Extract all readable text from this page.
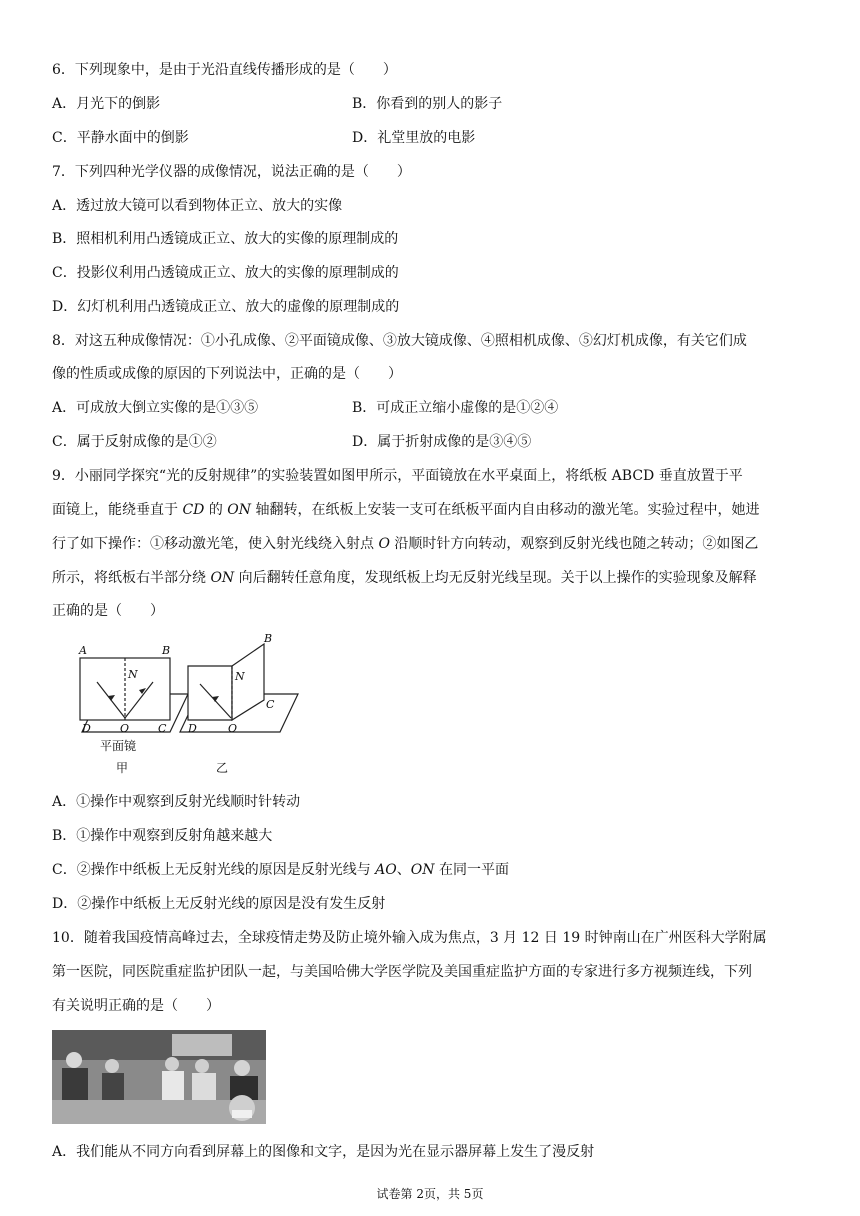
6．下列现象中，是由于光沿直线传播形成的是（　　）
A．月光下的倒影	B．你看到的别人的影子
C．平静水面中的倒影	D．礼堂里放的电影
7．下列四种光学仪器的成像情况，说法正确的是（　　）
A．透过放大镜可以看到物体正立、放大的实像
B．照相机利用凸透镜成正立、放大的实像的原理制成的
C．投影仪利用凸透镜成正立、放大的实像的原理制成的
D．幻灯机利用凸透镜成正立、放大的虚像的原理制成的
8．对这五种成像情况：①小孔成像、②平面镜成像、③放大镜成像、④照相机成像、⑤幻灯机成像，有关它们成
像的性质或成像的原因的下列说法中，正确的是（　　）
A．可成放大倒立实像的是①③⑤	B．可成正立缩小虚像的是①②④
C．属于反射成像的是①②	D．属于折射成像的是③④⑤
9．小丽同学探究“光的反射规律”的实验装置如图甲所示，平面镜放在水平桌面上，将纸板 ABCD 垂直放置于平
面镜上，能绕垂直于 CD 的 ON 轴翻转，在纸板上安装一支可在纸板平面内自由移动的激光笔。实验过程中，她进
行了如下操作：①移动激光笔，使入射光线绕入射点 O 沿顺时针方向转动，观察到反射光线也随之转动；②如图乙
所示，将纸板右半部分绕 ON 向后翻转任意角度，发现纸板上均无反射光线呈现。关于以上操作的实验现象及解释
正确的是（　　）
A	B
N
D	O	C
B
N
C
D	O
平面镜
甲	乙
A．①操作中观察到反射光线顺时针转动
B．①操作中观察到反射角越来越大
C．②操作中纸板上无反射光线的原因是反射光线与 AO、ON 在同一平面
D．②操作中纸板上无反射光线的原因是没有发生反射
10．随着我国疫情高峰过去，全球疫情走势及防止境外输入成为焦点，3 月 12 日 19 时钟南山在广州医科大学附属
第一医院，同医院重症监护团队一起，与美国哈佛大学医学院及美国重症监护方面的专家进行多方视频连线，下列
有关说明正确的是（　　）
A．我们能从不同方向看到屏幕上的图像和文字，是因为光在显示器屏幕上发生了漫反射
试卷第 2页，共 5页
